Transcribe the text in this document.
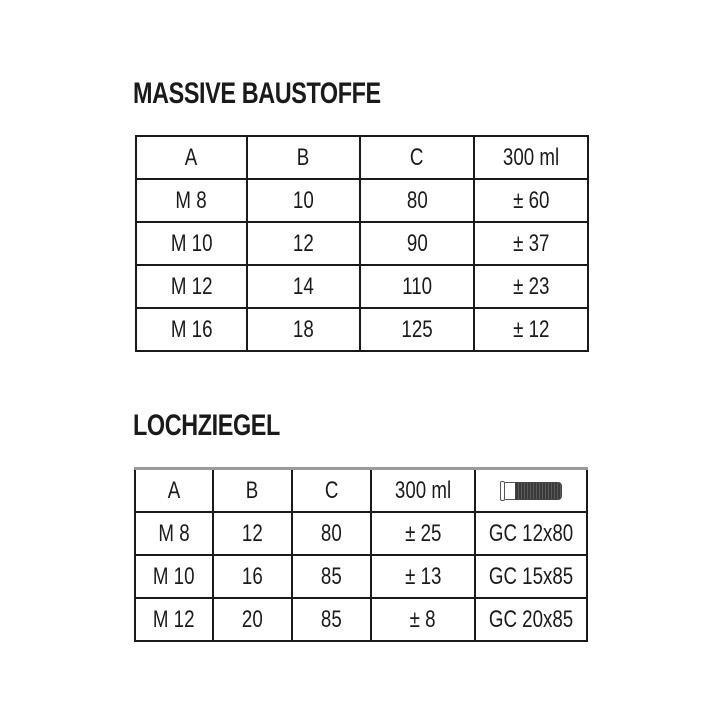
MASSIVE BAUSTOFFE
A	B	C	300 ml
M 8	10	80	± 60
M 10	12	90	± 37
M 12	14	110	± 23
M 16	18	125	± 12
LOCHZIEGEL
A	B	C	300 ml	

M 8	12	80	± 25	GC 12x80
M 10	16	85	± 13	GC 15x85
M 12	20	85	± 8	GC 20x85
